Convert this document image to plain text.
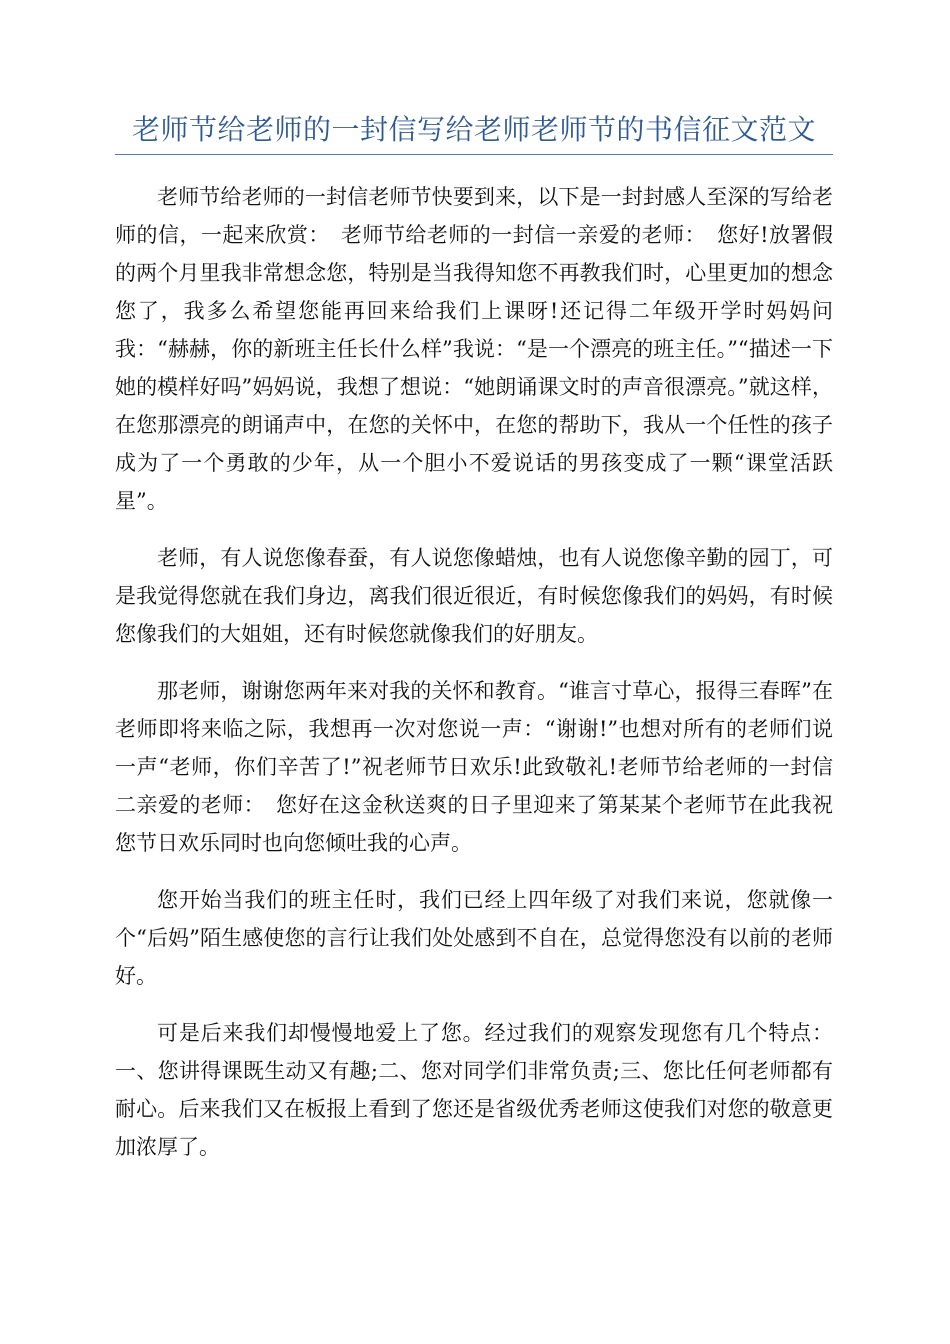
老师节给老师的一封信写给老师老师节的书信征文范文

老师节给老师的一封信老师节快要到来，以下是一封封感人至深的写给老师的信，一起来欣赏：　老师节给老师的一封信一亲爱的老师：　您好!放署假的两个月里我非常想念您，特别是当我得知您不再教我们时，心里更加的想念您了，我多么希望您能再回来给我们上课呀!还记得二年级开学时妈妈问我：“赫赫，你的新班主任长什么样”我说：“是一个漂亮的班主任。”“描述一下她的模样好吗”妈妈说，我想了想说：“她朗诵课文时的声音很漂亮。”就这样，在您那漂亮的朗诵声中，在您的关怀中，在您的帮助下，我从一个任性的孩子成为了一个勇敢的少年，从一个胆小不爱说话的男孩变成了一颗“课堂活跃星”。

老师，有人说您像春蚕，有人说您像蜡烛，也有人说您像辛勤的园丁，可是我觉得您就在我们身边，离我们很近很近，有时候您像我们的妈妈，有时候您像我们的大姐姐，还有时候您就像我们的好朋友。

那老师，谢谢您两年来对我的关怀和教育。“谁言寸草心，报得三春晖”在老师即将来临之际，我想再一次对您说一声：“谢谢!”也想对所有的老师们说一声“老师，你们辛苦了!”祝老师节日欢乐!此致敬礼!老师节给老师的一封信二亲爱的老师：　您好在这金秋送爽的日子里迎来了第某某个老师节在此我祝您节日欢乐同时也向您倾吐我的心声。

您开始当我们的班主任时，我们已经上四年级了对我们来说，您就像一个“后妈”陌生感使您的言行让我们处处感到不自在，总觉得您没有以前的老师好。

可是后来我们却慢慢地爱上了您。经过我们的观察发现您有几个特点：一、您讲得课既生动又有趣;二、您对同学们非常负责;三、您比任何老师都有耐心。后来我们又在板报上看到了您还是省级优秀老师这使我们对您的敬意更加浓厚了。
